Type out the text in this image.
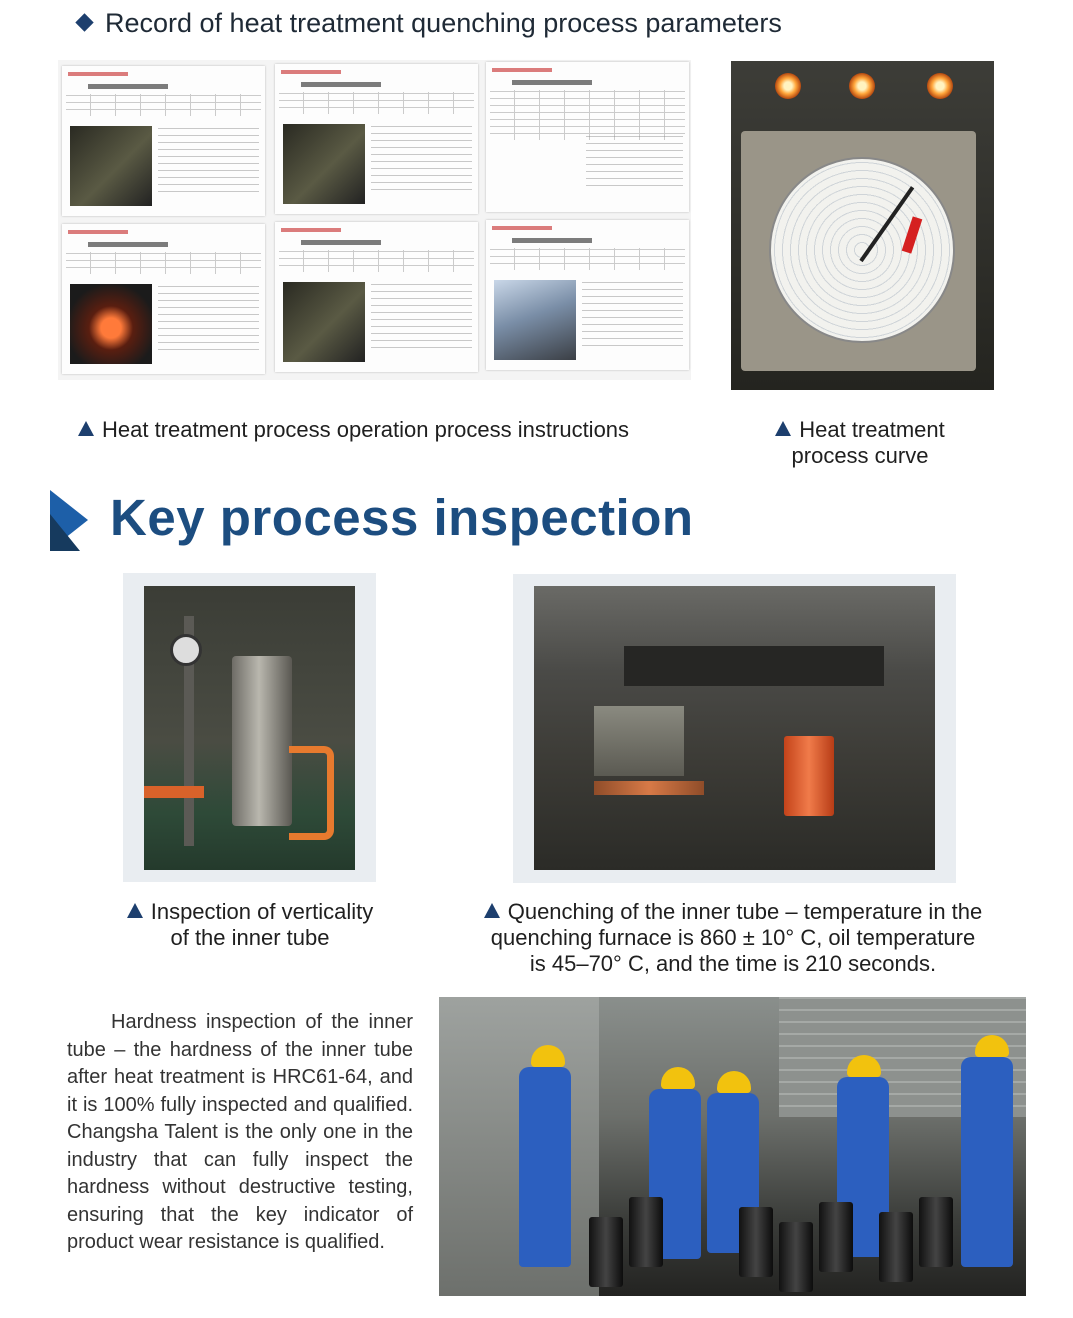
Record of heat treatment quenching process parameters
Heat treatment process operation process instructions	Heat treatment
process curve
Key process inspection
Inspection of verticality
of the inner tube
Quenching of the inner tube – temperature in the
quenching furnace is 860 ± 10° C, oil temperature
is 45–70° C, and the time is 210 seconds.
Hardness inspection of the inner tube – the hardness of the inner tube after heat treatment is HRC61-64, and it is 100% fully inspected and qualified. Changsha Talent is the only one in the industry that can fully inspect the hardness without destructive testing, ensuring that the key indicator of product wear resistance is qualified.
